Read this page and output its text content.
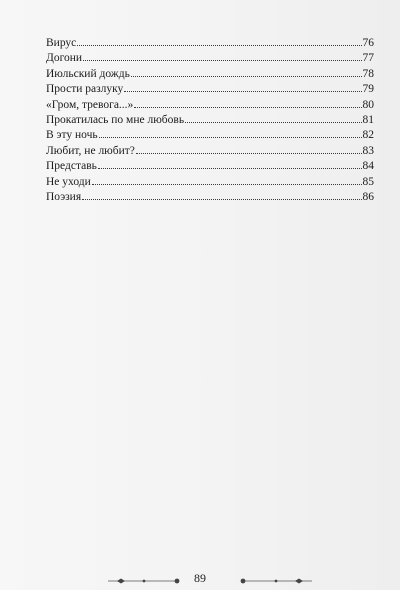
Вирус	76
Догони	77
Июльский дождь	78
Прости разлуку	79
«Гром, тревога...»	80
Прокатилась по мне любовь	81
В эту ночь	82
Любит, не любит?	83
Представь	84
Не уходи	85
Поэзия	86
89
